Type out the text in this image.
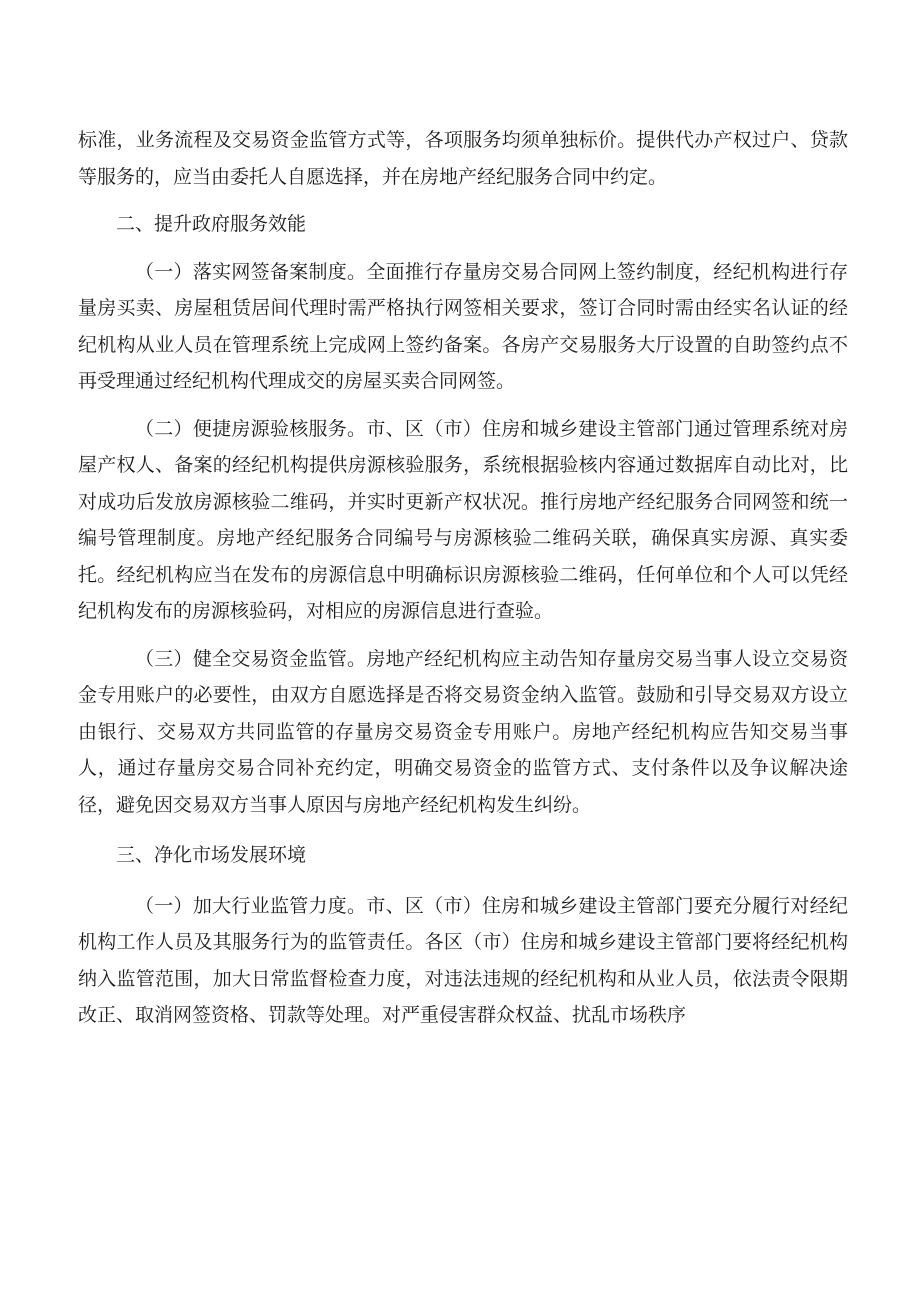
标准，业务流程及交易资金监管方式等，各项服务均须单独标价。提供代办产权过户、贷款等服务的，应当由委托人自愿选择，并在房地产经纪服务合同中约定。

二、提升政府服务效能

（一）落实网签备案制度。全面推行存量房交易合同网上签约制度，经纪机构进行存量房买卖、房屋租赁居间代理时需严格执行网签相关要求，签订合同时需由经实名认证的经纪机构从业人员在管理系统上完成网上签约备案。各房产交易服务大厅设置的自助签约点不再受理通过经纪机构代理成交的房屋买卖合同网签。

（二）便捷房源验核服务。市、区（市）住房和城乡建设主管部门通过管理系统对房屋产权人、备案的经纪机构提供房源核验服务，系统根据验核内容通过数据库自动比对，比对成功后发放房源核验二维码，并实时更新产权状况。推行房地产经纪服务合同网签和统一编号管理制度。房地产经纪服务合同编号与房源核验二维码关联，确保真实房源、真实委托。经纪机构应当在发布的房源信息中明确标识房源核验二维码，任何单位和个人可以凭经纪机构发布的房源核验码，对相应的房源信息进行查验。

（三）健全交易资金监管。房地产经纪机构应主动告知存量房交易当事人设立交易资金专用账户的必要性，由双方自愿选择是否将交易资金纳入监管。鼓励和引导交易双方设立由银行、交易双方共同监管的存量房交易资金专用账户。房地产经纪机构应告知交易当事人，通过存量房交易合同补充约定，明确交易资金的监管方式、支付条件以及争议解决途径，避免因交易双方当事人原因与房地产经纪机构发生纠纷。

三、净化市场发展环境

（一）加大行业监管力度。市、区（市）住房和城乡建设主管部门要充分履行对经纪机构工作人员及其服务行为的监管责任。各区（市）住房和城乡建设主管部门要将经纪机构纳入监管范围，加大日常监督检查力度，对违法违规的经纪机构和从业人员，依法责令限期改正、取消网签资格、罚款等处理。对严重侵害群众权益、扰乱市场秩序
